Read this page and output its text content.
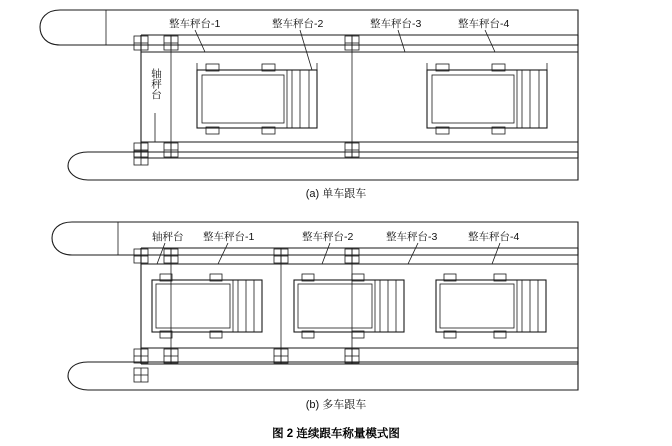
整车秤台-1	整车秤台-2	整车秤台-3	整车秤台-4
轴秤台
(a) 单车跟车
轴秤台 整车秤台-1	整车秤台-2	整车秤台-3	整车秤台-4
(b) 多车跟车
图 2 连续跟车称量模式图
